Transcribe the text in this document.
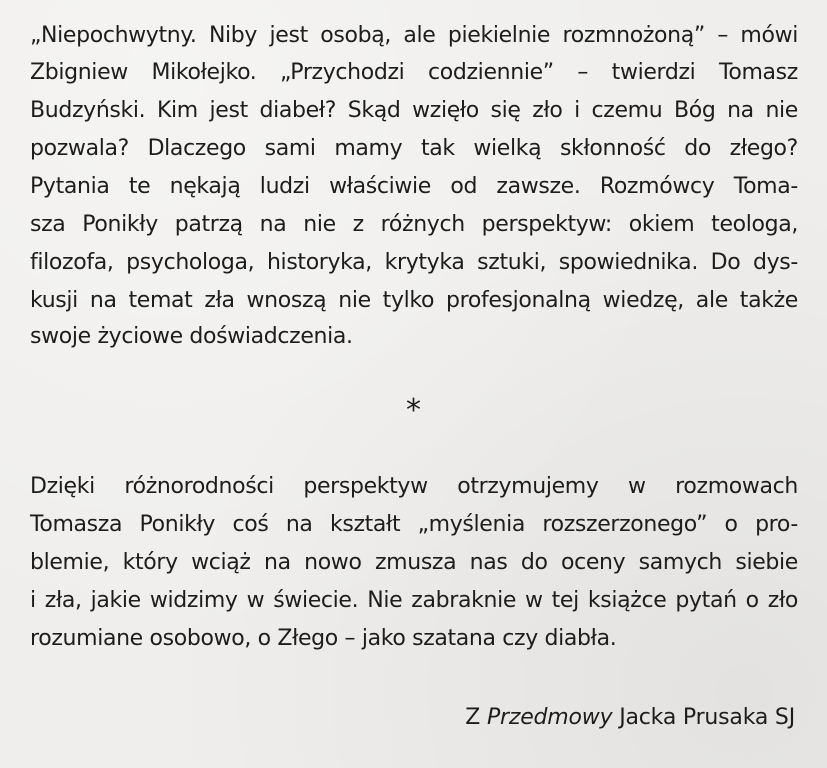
„Niepochwytny. Niby jest osobą, ale piekielnie rozmnożoną” – mówi
Zbigniew Mikołejko. „Przychodzi codziennie” – twierdzi Tomasz
Budzyński. Kim jest diabeł? Skąd wzięło się zło i czemu Bóg na nie
pozwala? Dlaczego sami mamy tak wielką skłonność do złego?
Pytania te nękają ludzi właściwie od zawsze. Rozmówcy Toma-
sza Ponikły patrzą na nie z różnych perspektyw: okiem teologa,
filozofa, psychologa, historyka, krytyka sztuki, spowiednika. Do dys-
kusji na temat zła wnoszą nie tylko profesjonalną wiedzę, ale także
swoje życiowe doświadczenia.
*
Dzięki różnorodności perspektyw otrzymujemy w rozmowach
Tomasza Ponikły coś na kształt „myślenia rozszerzonego” o pro-
blemie, który wciąż na nowo zmusza nas do oceny samych siebie
i zła, jakie widzimy w świecie. Nie zabraknie w tej książce pytań o zło
rozumiane osobowo, o Złego – jako szatana czy diabła.
Z Przedmowy Jacka Prusaka SJ
